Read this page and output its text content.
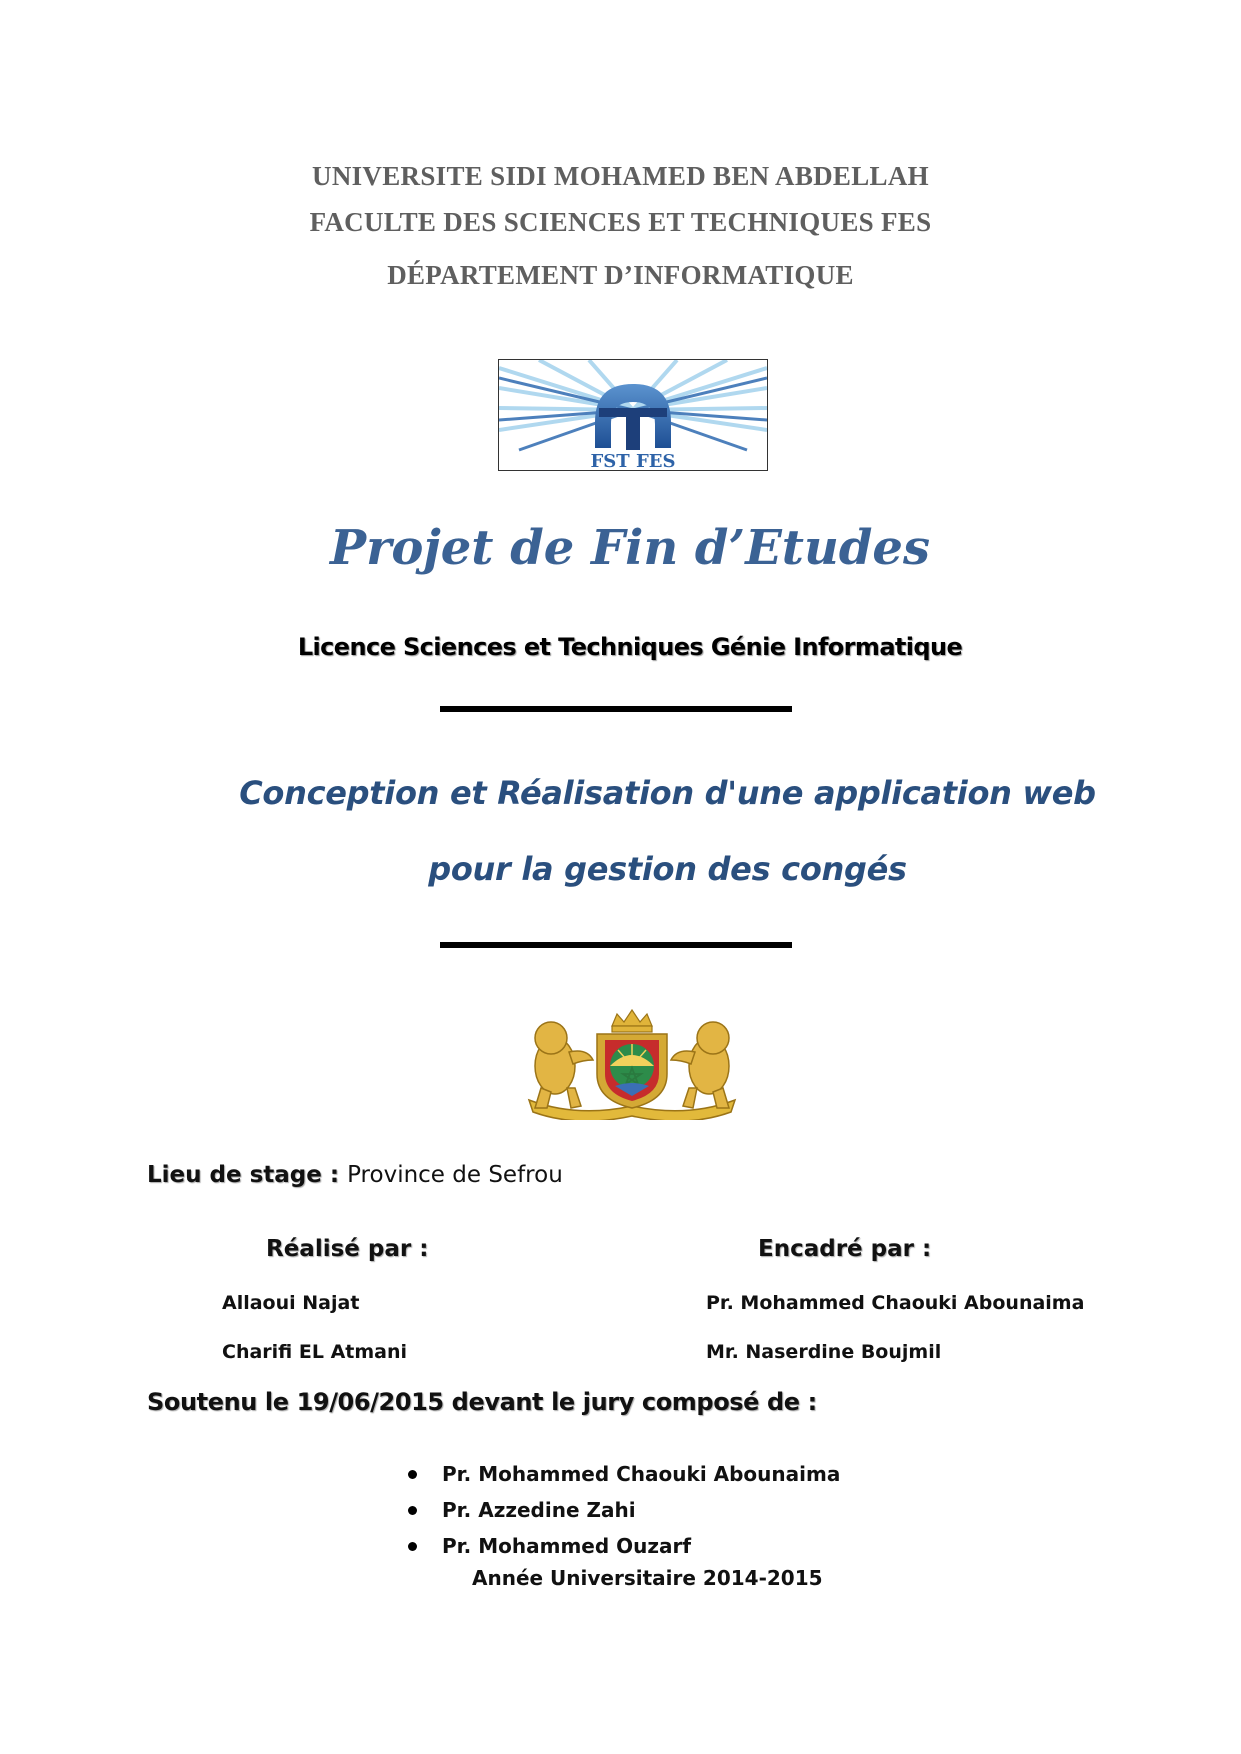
UNIVERSITE SIDI MOHAMED BEN ABDELLAH
FACULTE DES SCIENCES ET TECHNIQUES FES
DÉPARTEMENT D’INFORMATIQUE
FST FES
Projet de Fin d’Etudes
Licence Sciences et Techniques Génie Informatique
Conception et Réalisation d'une application web
pour la gestion des congés
Lieu de stage : Province de Sefrou
Réalisé par :	Encadré par :
Allaoui Najat
Charifi EL Atmani
Pr. Mohammed Chaouki Abounaima
Mr. Naserdine Boujmil
Soutenu le 19/06/2015 devant le jury composé de :
Pr. Mohammed Chaouki Abounaima
Pr. Azzedine Zahi
Pr. Mohammed Ouzarf
Année Universitaire 2014-2015
